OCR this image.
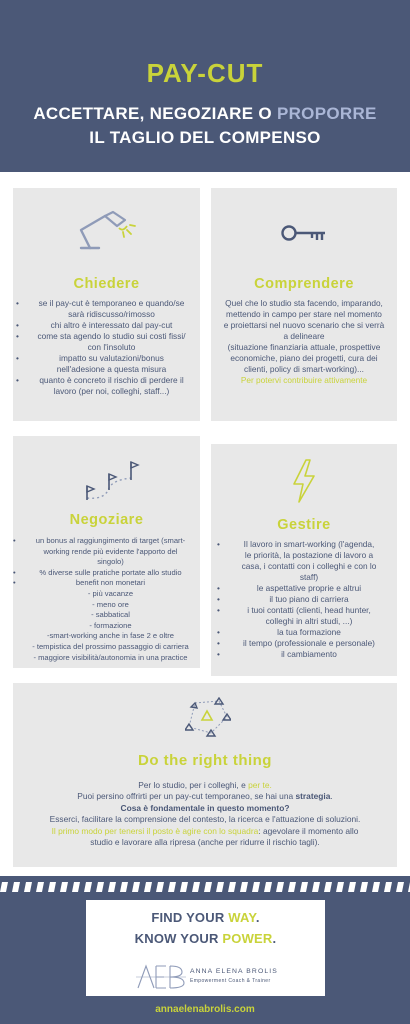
PAY-CUT
ACCETTARE, NEGOZIARE O PROPORRE
IL TAGLIO DEL COMPENSO
Chiedere
• se il pay-cut è temporaneo e quando/se
sarà ridiscusso/rimosso
• chi altro è interessato dal pay-cut
• come sta agendo lo studio sui costi fissi/
con l'insoluto
• impatto su valutazioni/bonus
nell'adesione a questa misura
• quanto è concreto il rischio di perdere il
lavoro (per noi, colleghi, staff...)
Comprendere
Quel che lo studio sta facendo, imparando,
mettendo in campo per stare nel momento
e proiettarsi nel nuovo scenario che si verrà
a delineare
(situazione finanziaria attuale, prospettive
economiche, piano dei progetti, cura dei
clienti, policy di smart-working)...
Per potervi contribuire attivamente
Negoziare
• un bonus al raggiungimento di target (smart-
working rende più evidente l'apporto del
singolo)
• % diverse sulle pratiche portate allo studio
• benefit non monetari
- più vacanze
- meno ore
- sabbatical
- formazione
-smart-working anche in fase 2 e oltre
- tempistica del prossimo passaggio di carriera
- maggiore visibilità/autonomia in una practice
Gestire
• Il lavoro in smart-working (l'agenda,
le priorità, la postazione di lavoro a
casa, i contatti con i colleghi e con lo
staff)
• le aspettative proprie e altrui
• il tuo piano di carriera
• i tuoi contatti (clienti, head hunter,
colleghi in altri studi, ...)
• la tua formazione
• il tempo (professionale e personale)
• il cambiamento
Do the right thing
Per lo studio, per i colleghi, e per te.
Puoi persino offrirti per un pay-cut temporaneo, se hai una strategia.
Cosa è fondamentale in questo momento?
Esserci, facilitare la comprensione del contesto, la ricerca e l'attuazione di soluzioni.
Il primo modo per tenersi il posto è agire con lo squadra: agevolare il momento allo
studio e lavorare alla ripresa (anche per ridurre il rischio tagli).
FIND YOUR WAY.
KNOW YOUR POWER.
ANNA ELENA BROLIS
Empowerment Coach & Trainer
annaelenabrolis.com
